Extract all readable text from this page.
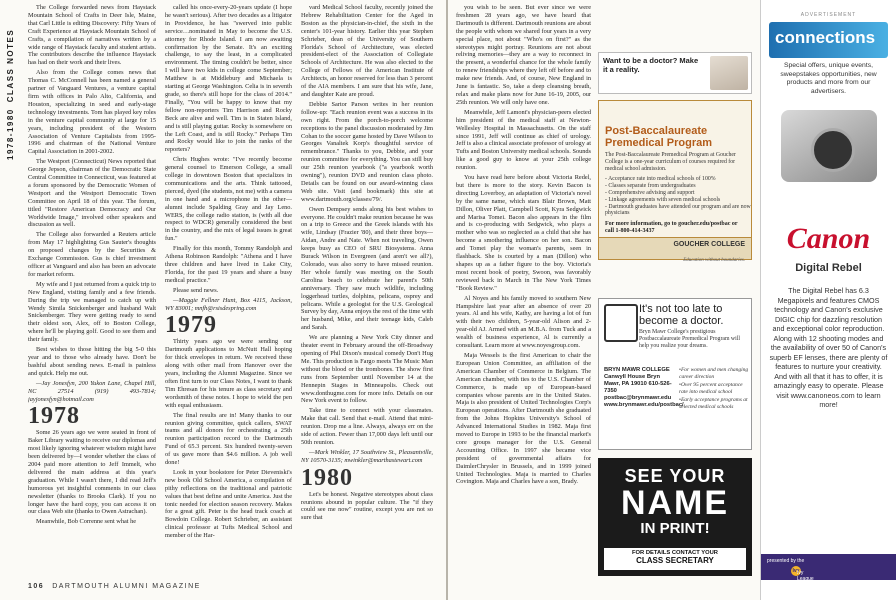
1978-1980CLASS NOTES

The College forwarded news from Haystack Mountain School of Crafts in Deer Isle, Maine, that Carl Little is editing Discovery: Fifty Years of Craft Experience at Haystack Mountain School of Crafts, a compilation of narratives written by a wide range of Haystack faculty and student artists. The contributors describe the influence Haystack has had on their work and their lives.

Also from the College comes news that Thomas C. McConnell has been named a general partner of Vanguard Ventures, a venture capital firm with offices in Palo Alto, California, and Houston, specializing in seed and early-stage technology investments. Tom has played key roles in the venture capital community at large for 15 years, including president of the Western Association of Venture Capitalists from 1995-1996 and chairman of the National Venture Capital Association in 2001-2002.

The Westport (Connecticut) News reported that George Jepson, chairman of the Democratic State Central Committee in Connecticut, was featured at a forum sponsored by the Democratic Women of Westport and the Westport Democratic Town Committee on April 18 of this year. The forum, titled "Restore American Democracy and Our Worldwide Image," involved other speakers and discussion as well.

The College also forwarded a Reuters article from May 17 highlighting Gus Sauter's thoughts on proposed changes by the Securities & Exchange Commission. Gus is chief investment officer at Vanguard and also has been an advocate for market reform.

My wife and I just returned from a quick trip to New England, visiting family and a few friends. During the trip we managed to catch up with Wendy Simila Snickenberger and husband Walt Snickenberger. They were getting ready to send their oldest son, Alex, off to Boston College, where he'll be playing golf. Good to see them and their family.

Best wishes to those hitting the big 5-0 this year and to those who already have. Don't be bashful about sending news. E-mail is painless and quick. Help me out.

—Jay Jonesfyn, 200 Yukon Lane, Chapel Hill, NC 27514 (919) 493-7814; jayjonesfyn@hotmail.com

1978

Some 26 years ago we were seated in front of Baker Library waiting to receive our diplomas and most likely ignoring whatever wisdom might have been delivered by—I wonder whether the class of 2004 paid more attention to Jeff Immelt, who delivered the main address at this year's graduation. While I wasn't there, I did read Jeff's humorous yet insightful comments in our class newsletter (thanks to Brooks Clark). If you no longer have the hard copy, you can access it on our class Web site (thanks to Owen Astrachan).

Meanwhile, Bob Correnne sent what he

called his once-every-20-years update (I hope he wasn't serious). After two decades as a litigator in Providence, he has "swerved into public service…nominated in May to become the U.S. attorney for Rhode Island. I am now awaiting confirmation by the Senate. It's an exciting challenge, to say the least, in a complicated environment. The timing couldn't be better, since I will have two kids in college come September; Matthew is at Middlebury and Michaela is starting at George Washington. Celia is in seventh grade, so there's still hope for the class of 2014." Finally, "You will be happy to know that my fellow non-reporters Tim Harrison and Rocky Beck are alive and well. Tim is in Staten Island, and is still playing guitar. Rocky is somewhere on the Left Coast, and is still Rocky." Perhaps Tim and Rocky would like to join the ranks of the reporters?

Chris Hughes wrote: "I've recently become general counsel to Emerson College, a small college in downtown Boston that specializes in communications and the arts. Think tattooed, pierced, dyed (the students, not me) with a camera in one hand and a microphone in the other—alumni include Spalding Gray and Jay Leno. WERS, the college radio station, is (with all due respect to WDCR) generally considered the best in the country, and the mix of legal issues is great fun."

Finally for this month, Tommy Randolph and Athena Robinson Randolph: "Athena and I have three children and have lived in Lake City, Florida, for the past 19 years and share a busy medical practice."

Please send news.

—Maggie Fellner Hunt, Box 4115, Jackson, WY 83001; mnfh@rsisdespring.com

1979

Thirty years ago we were sending our Dartmouth applications to McNutt Hall hoping for thick envelopes in return. We received these along with other mail from Hanover over the years, including the Alumni Magazine. Since we often first turn to our Class Notes, I want to thank Tim Ehresan for his tenure as class secretary and wordsmith of these notes. I hope to wield the pen with equal enthusiasm.

The final results are in! Many thanks to our reunion giving committee, quick callers, SWAT teams and all donors for orchestrating a 25th reunion participation record to the Dartmouth Fund of 65.3 percent. Six hundred twenty-seven of us gave more than $4.6 million. A job well done!

Look in your bookstore for Peter Dieveniski's new book Old School America, a compilation of pithy reflections on the traditional and patriotic values that best define and unite America. Just the tonic needed for election season recovery. Makes for a great gift. Peter is the head track coach at Bowdoin College. Robert Schrieber, an assistant clinical professor at Tufts Medical School and member of the Har-

vard Medical School faculty, recently joined the Hebrew Rehabilitation Center for the Aged in Boston as the physician-in-chief, the sixth in the center's 101-year history. Earlier this year Stephen Schrieber, dean of the University of Southern Florida's School of Architecture, was elected president-elect of the Association of Collegiate Schools of Architecture. He was also elected to the College of Fellows of the American Institute of Architects, an honor reserved for less than 3 percent of the AIA members. I am sure that his wife, Jane, and daughter Kate are proud.

Debbie Sartor Parson writes in her reunion follow-up: "Each reunion event was a success in its own right. From the porch-to-porch welcome receptions to the panel discussion moderated by Jim Cohan to the soccer game hosted by Dave Wilson to Georges Vanaltek Korp's thoughtful service of remembrance." Thanks to you, Debbie, and your reunion committee for everything. You can still buy our 25th reunion yearbook ("a yearbook worth owning"), reunion DVD and reunion class photo. Details can be found on our award-winning class Web site. Visit (and bookmark) this site at www.dartmouth.org/classes/79/.

Owen Dempsey sends along his best wishes to everyone. He couldn't make reunion because he was on a trip to Greece and the Greek islands with his wife, Lindsay (Frazier '80), and their three boys—Aidan, Andre and Nate. When not traveling, Owen keeps busy as CEO of SRU Biosystems. Anna Burack Wilson in Evergreen (and aren't we all?), Colorado, was also sorry to have missed reunion. Her whole family was meeting on the South Carolina beach to celebrate her parent's 50th anniversary. They saw much wildlife, including loggerhead turtles, dolphins, pelicans, osprey and pelicans. While a geologist for the U.S. Geological Survey by day, Anna enjoys the rest of the time with her husband, Mike, and their teenage kids, Caleb and Sarah.

We are planning a New York City dinner and theater event in February around the off-Broadway opening of Phil Dixon's musical comedy Don't Hug Me. This production is Fargo meets The Music Man without the blood or the trombones. The show first runs from September until November 14 at the Hennepin Stages in Minneapolis. Check out www.donthugme.com for more info. Details on our New York event to follow.

Take time to connect with your classmates. Make that call. Send that e-mail. Attend that mini-reunion. Drop me a line. Always, always err on the side of action. Fewer than 17,000 days left until our 50th reunion.

—Mark Winkler, 17 Southview St., Pleasantville, NY 10570-3135; mwinkler@marthastewart.com

1980

Let's be honest. Negative stereotypes about class reunions abound in popular culture. The "if they could see me now" routine, except you are not so sure that

106 DARTMOUTH ALUMNI MAGAZINE

you wish to be seen. But ever since we were freshmen 28 years ago, we have heard that Dartmouth is different. Dartmouth reunions are about the people with whom we shared four years in a very special place, not about "Who's on first?" as the stereotypes might portray. Reunions are not about reliving memories—they are a way to reconnect in the present, a wonderful chance for the whole family to renew friendships where they left off before and to make new friends. And, of course, New England in June is fantastic. So, take a deep cleansing breath, relax and make plans now for June 16-19, 2005, our 25th reunion. We will only have one.

Meanwhile, Jeff Lamont's physician-peers elected him president of the medical staff at Newton-Wellesley Hospital in Massachusetts. On the staff since 1991, Jeff will continue as chief of urology. Jeff is also a clinical associate professor of urology at Tufts and Boston University medical schools. Sounds like a good guy to know at your 25th college reunion.

You have read here before about Victoria Redel, but there is more to the story. Kevin Bacon is directing Loverboy, an adaptation of Victoria's novel by the same name, which stars Blair Brown, Matt Dillon, Oliver Platt, Campbell Scott, Kyra Sedgwick and Marisa Tomei. Bacon also appears in the film and is co-producing with Sedgwick, who plays a mother who was so neglected as a child that she has become a smothering influence on her son. Bacon and Tomei play the woman's parents, seen in flashback. She is courted by a man (Dillon) who shapes up as a father figure to the boy. Victoria's most recent book of poetry, Swoon, was favorably reviewed back in March in The New York Times "Book Review."

Al Noyes and his family moved to southern New Hampshire last year after an absence of over 20 years. Al and his wife, Kathy, are having a lot of fun with their two children, 5-year-old Alison and 2-year-old AJ. Armed with an M.B.A. from Tuck and a wealth of business experience, Al is currently a consultant. Learn more at www.noyesgroup.com.

Maja Wessels is the first American to chair the European Union Committee, an affiliation of the American Chamber of Commerce in Belgium. The American chamber, with ties to the U.S. Chamber of Commerce, is made up of European-based companies whose parents are in the United States. Maja is also president of United Technologies Corp's European operations. After Dartmouth she graduated from the Johns Hopkins University's School of Advanced International Studies in 1982. Maja first moved to Europe in 1993 to be the financial market's core groups manager for the U.S. General Accounting Office. In 1997 she became vice president of governmental affairs for DaimlerChrysler in Brussels, and in 1999 joined United Technologies. Maja is married to Charles Covington. Maja and Charles have a son, Brady.

Want to be a doctor? Make it a reality.
Post-Baccalaureate Premedical Program
The Post-Baccalaureate Premedical Program at Goucher College is a one-year curriculum of courses required for medical school admission.
- Acceptance rate into medical schools of 100%
- Classes separate from undergraduates
- Comprehensive advising and support
- Linkage agreements with seven medical schools
- Dartmouth graduates have attended our program and are now physicians
For more information, go to goucher.edu/postbac or call 1-800-414-3437
GOUCHER COLLEGE
Education without boundaries.
It's not too late to become a doctor.
Bryn Mawr College's prestigious Postbaccalaureate Premedical Program will help you realize your dreams.
BRYN MAWR COLLEGE Canwyll House Bryn Mawr, PA 19010 610-526-7350 postbac@brynmawr.edu www.brynmawr.edu/postbac/
• For women and men changing career direction
• Over 95 percent acceptance rate into medical school
• Early acceptance programs at selected medical schools
SEE YOUR
NAME
IN PRINT!
FOR DETAILS CONTACT YOUR
CLASS SECRETARY
ADVERTISEMENT
connections
Special offers, unique events, sweepstakes opportunities, new products and more from our advertisers.
Canon
Digital Rebel
The Digital Rebel has 6.3 Megapixels and features CMOS technology and Canon's exclusive DIGIC chip for dazzling resolution and exceptional color reproduction. Along with 12 shooting modes and the availability of over 50 of Canon's superb EF lenses, there are plenty of features to nurture your creativity. And with all that it has to offer, it is amazingly easy to operate. Please visit www.canoneos.com to learn more!
presented by the
Ivy
Ivy League Magazine Network
